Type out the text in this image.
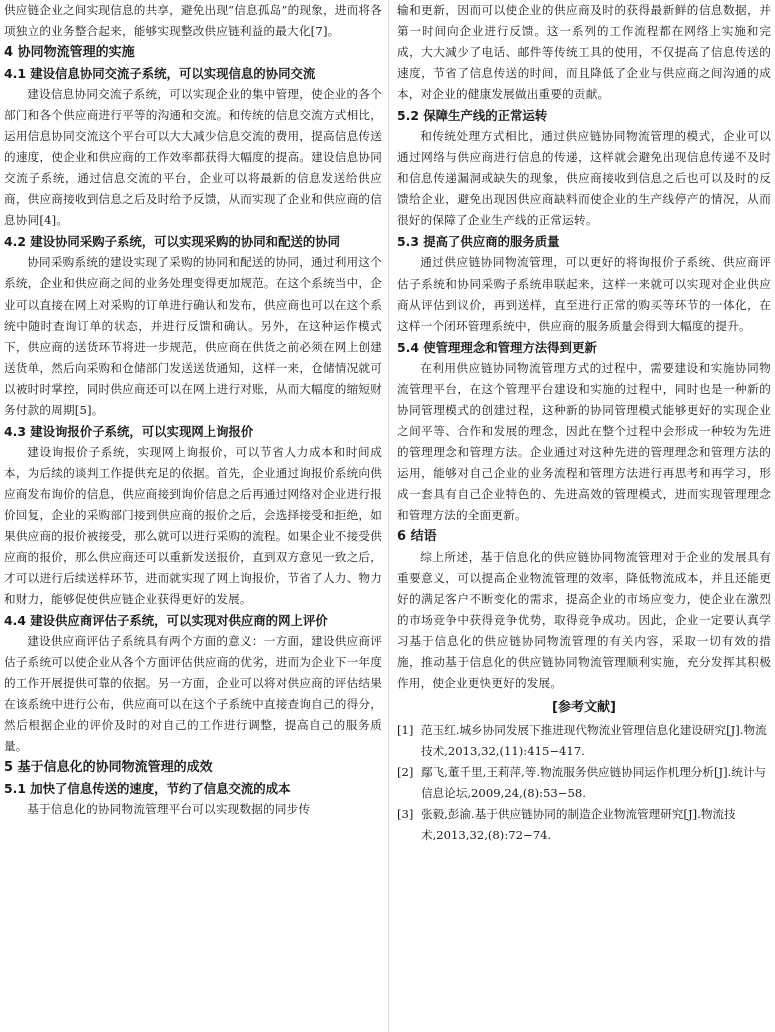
供应链企业之间实现信息的共享，避免出现“信息孤岛”的现象，进而将各项独立的业务整合起来，能够实现整改供应链利益的最大化[7]。

4 协同物流管理的实施

4.1 建设信息协同交流子系统，可以实现信息的协同交流

建设信息协同交流子系统，可以实现企业的集中管理，使企业的各个部门和各个供应商进行平等的沟通和交流。和传统的信息交流方式相比，运用信息协同交流这个平台可以大大减少信息交流的费用，提高信息传送的速度，使企业和供应商的工作效率都获得大幅度的提高。建设信息协同交流子系统，通过信息交流的平台，企业可以将最新的信息发送给供应商，供应商接收到信息之后及时给予反馈，从而实现了企业和供应商的信息协同[4]。

4.2 建设协同采购子系统，可以实现采购的协同和配送的协同

协同采购系统的建设实现了采购的协同和配送的协同，通过利用这个系统，企业和供应商之间的业务处理变得更加规范。在这个系统当中，企业可以直接在网上对采购的订单进行确认和发布，供应商也可以在这个系统中随时查询订单的状态，并进行反馈和确认。另外，在这种运作模式下，供应商的送货环节将进一步规范，供应商在供货之前必须在网上创建送货单，然后向采购和仓储部门发送送货通知，这样一来，仓储情况就可以被时时掌控，同时供应商还可以在网上进行对账，从而大幅度的缩短财务付款的周期[5]。

4.3 建设询报价子系统，可以实现网上询报价

建设询报价子系统，实现网上询报价，可以节省人力成本和时间成本，为后续的谈判工作提供充足的依据。首先，企业通过询报价系统向供应商发布询价的信息，供应商接到询价信息之后再通过网络对企业进行报价回复，企业的采购部门接到供应商的报价之后，会选择接受和拒绝，如果供应商的报价被接受，那么就可以进行采购的流程。如果企业不接受供应商的报价，那么供应商还可以重新发送报价，直到双方意见一致之后，才可以进行后续送样环节，进而就实现了网上询报价，节省了人力、物力和财力，能够促使供应链企业获得更好的发展。

4.4 建设供应商评估子系统，可以实现对供应商的网上评价

建设供应商评估子系统具有两个方面的意义：一方面，建设供应商评估子系统可以使企业从各个方面评估供应商的优劣，进而为企业下一年度的工作开展提供可靠的依据。另一方面，企业可以将对供应商的评估结果在该系统中进行公布，供应商可以在这个子系统中直接查询自己的得分，然后根据企业的评价及时的对自己的工作进行调整，提高自己的服务质量。

5 基于信息化的协同物流管理的成效

5.1 加快了信息传送的速度，节约了信息交流的成本

基于信息化的协同物流管理平台可以实现数据的同步传

输和更新，因而可以使企业的供应商及时的获得最新鲜的信息数据，并第一时间向企业进行反馈。这一系列的工作流程都在网络上实施和完成，大大减少了电话、邮件等传统工具的使用，不仅提高了信息传送的速度，节省了信息传送的时间，而且降低了企业与供应商之间沟通的成本，对企业的健康发展做出重要的贡献。

5.2 保障生产线的正常运转

和传统处理方式相比，通过供应链协同物流管理的模式，企业可以通过网络与供应商进行信息的传递，这样就会避免出现信息传递不及时和信息传递漏洞或缺失的现象，供应商接收到信息之后也可以及时的反馈给企业，避免出现因供应商缺料而使企业的生产线停产的情况，从而很好的保障了企业生产线的正常运转。

5.3 提高了供应商的服务质量

通过供应链协同物流管理，可以更好的将询报价子系统、供应商评估子系统和协同采购子系统串联起来，这样一来就可以实现对企业供应商从评估到议价，再到送样，直至进行正常的购买等环节的一体化，在这样一个闭环管理系统中，供应商的服务质量会得到大幅度的提升。

5.4 使管理理念和管理方法得到更新

在利用供应链协同物流管理方式的过程中，需要建设和实施协同物流管理平台，在这个管理平台建设和实施的过程中，同时也是一种新的协同管理模式的创建过程，这种新的协同管理模式能够更好的实现企业之间平等、合作和发展的理念，因此在整个过程中会形成一种较为先进的管理理念和管理方法。企业通过对这种先进的管理理念和管理方法的运用，能够对自己企业的业务流程和管理方法进行再思考和再学习，形成一套具有自己企业特色的、先进高效的管理模式，进而实现管理理念和管理方法的全面更新。

6 结语

综上所述，基于信息化的供应链协同物流管理对于企业的发展具有重要意义，可以提高企业物流管理的效率，降低物流成本，并且还能更好的满足客户不断变化的需求，提高企业的市场应变力，使企业在激烈的市场竞争中获得竞争优势，取得竞争成功。因此，企业一定要认真学习基于信息化的供应链协同物流管理的有关内容，采取一切有效的措施，推动基于信息化的供应链协同物流管理顺利实施，充分发挥其积极作用，使企业更快更好的发展。

[参考文献]

[1] 范玉红.城乡协同发展下推进现代物流业管理信息化建设研究[J].物流技术,2013,32,(11):415−417.

[2] 鄢飞,董千里,王莉萍,等.物流服务供应链协同运作机理分析[J].统计与信息论坛,2009,24,(8):53−58.

[3] 张毅,彭渝.基于供应链协同的制造企业物流管理研究[J].物流技术,2013,32,(8):72−74.
